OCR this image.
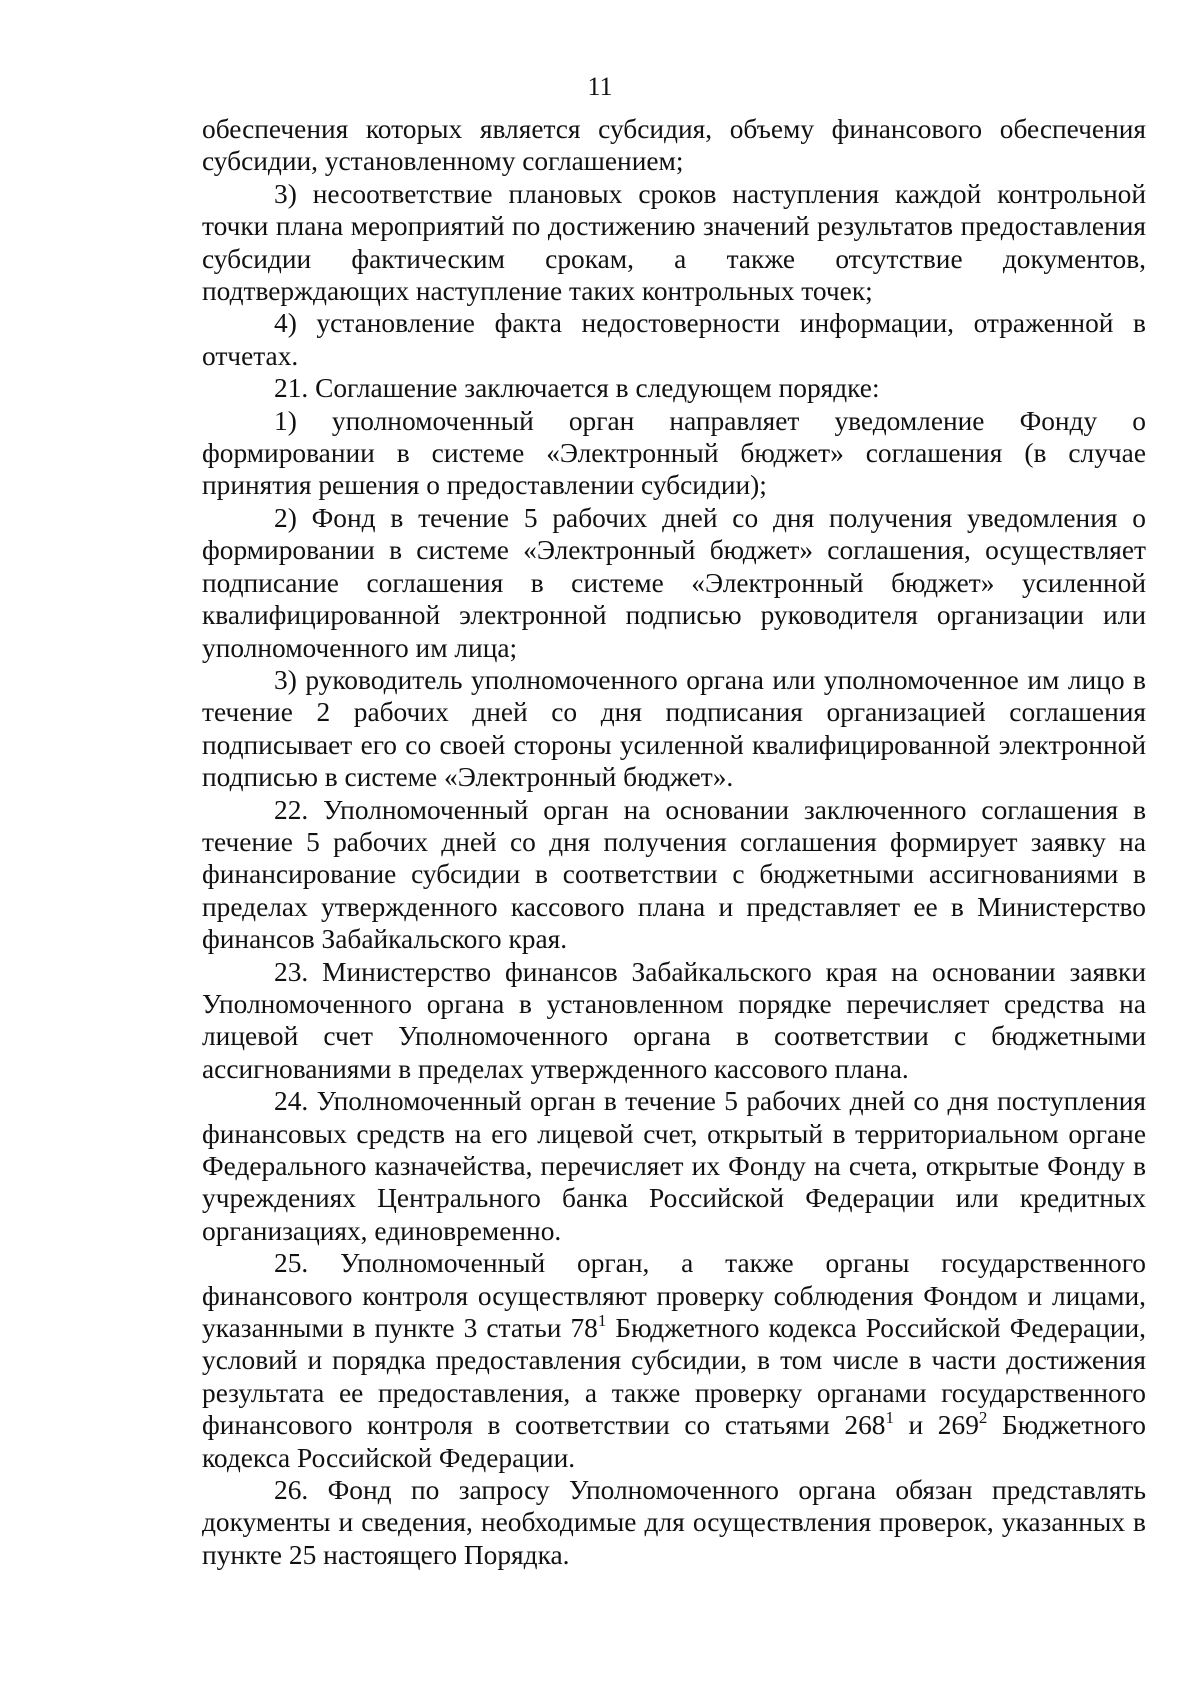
11

обеспечения которых является субсидия, объему финансового обеспечения субсидии, установленному соглашением;

3) несоответствие плановых сроков наступления каждой контрольной точки плана мероприятий по достижению значений результатов предоставления субсидии фактическим срокам, а также отсутствие документов, подтверждающих наступление таких контрольных точек;

4) установление факта недостоверности информации, отраженной в отчетах.

21. Соглашение заключается в следующем порядке:

1) уполномоченный орган направляет уведомление Фонду о формировании в системе «Электронный бюджет» соглашения (в случае принятия решения о предоставлении субсидии);

2) Фонд в течение 5 рабочих дней со дня получения уведомления о формировании в системе «Электронный бюджет» соглашения, осуществляет подписание соглашения в системе «Электронный бюджет» усиленной квалифицированной электронной подписью руководителя организации или уполномоченного им лица;

3) руководитель уполномоченного органа или уполномоченное им лицо в течение 2 рабочих дней со дня подписания организацией соглашения подписывает его со своей стороны усиленной квалифицированной электронной подписью в системе «Электронный бюджет».

22. Уполномоченный орган на основании заключенного соглашения в течение 5 рабочих дней со дня получения соглашения формирует заявку на финансирование субсидии в соответствии с бюджетными ассигнованиями в пределах утвержденного кассового плана и представляет ее в Министерство финансов Забайкальского края.

23. Министерство финансов Забайкальского края на основании заявки Уполномоченного органа в установленном порядке перечисляет средства на лицевой счет Уполномоченного органа в соответствии с бюджетными ассигнованиями в пределах утвержденного кассового плана.

24. Уполномоченный орган в течение 5 рабочих дней со дня поступления финансовых средств на его лицевой счет, открытый в территориальном органе Федерального казначейства, перечисляет их Фонду на счета, открытые Фонду в учреждениях Центрального банка Российской Федерации или кредитных организациях, единовременно.

25. Уполномоченный орган, а также органы государственного финансового контроля осуществляют проверку соблюдения Фондом и лицами, указанными в пункте 3 статьи $78^1$ Бюджетного кодекса Российской Федерации, условий и порядка предоставления субсидии, в том числе в части достижения результата ее предоставления, а также проверку органами государственного финансового контроля в соответствии со статьями $268^1$ и $269^2$ Бюджетного кодекса Российской Федерации.

26. Фонд по запросу Уполномоченного органа обязан представлять документы и сведения, необходимые для осуществления проверок, указанных в пункте 25 настоящего Порядка.
